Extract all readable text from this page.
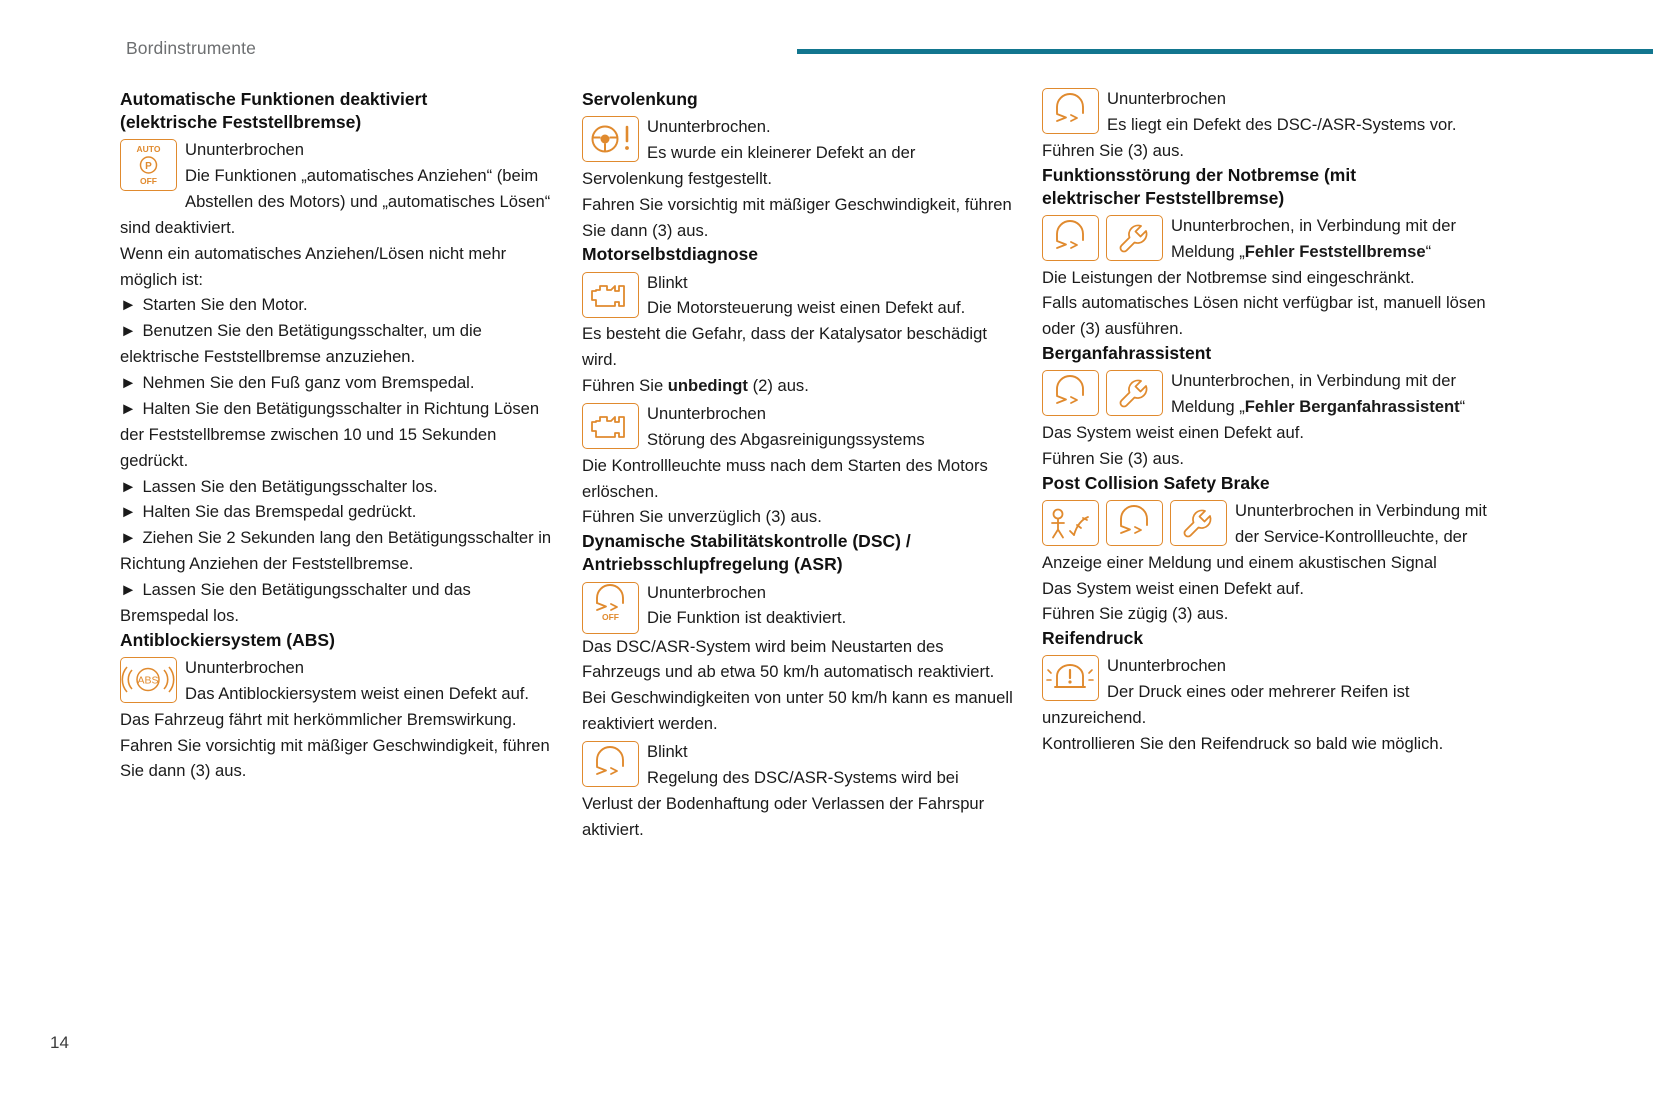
Bordinstrumente
Automatische Funktionen deaktiviert
(elektrische Feststellbremse)
AUTO
P
OFF

Ununterbrochen

Die Funktionen „automatisches Anziehen“ (beim Abstellen des Motors) und „automatisches Lösen“ sind deaktiviert.

Wenn ein automatisches Anziehen/Lösen nicht mehr möglich ist:

► Starten Sie den Motor.

► Benutzen Sie den Betätigungsschalter, um die elektrische Feststellbremse anzuziehen.

► Nehmen Sie den Fuß ganz vom Bremspedal.

► Halten Sie den Betätigungsschalter in Richtung Lösen der Feststellbremse zwischen 10 und 15 Sekunden gedrückt.

► Lassen Sie den Betätigungsschalter los.

► Halten Sie das Bremspedal gedrückt.

► Ziehen Sie 2 Sekunden lang den Betätigungsschalter in Richtung Anziehen der Feststellbremse.

► Lassen Sie den Betätigungsschalter und das Bremspedal los.

Antiblockiersystem (ABS)
ABS

Ununterbrochen

Das Antiblockiersystem weist einen Defekt auf.

Das Fahrzeug fährt mit herkömmlicher Bremswirkung.

Fahren Sie vorsichtig mit mäßiger Geschwindigkeit, führen Sie dann (3) aus.

Servolenkung

Ununterbrochen.

Es wurde ein kleinerer Defekt an der Servolenkung festgestellt.

Fahren Sie vorsichtig mit mäßiger Geschwindigkeit, führen Sie dann (3) aus.

Motorselbstdiagnose

Blinkt

Die Motorsteuerung weist einen Defekt auf.

Es besteht die Gefahr, dass der Katalysator beschädigt wird.

Führen Sie unbedingt (2) aus.

Ununterbrochen

Störung des Abgasreinigungssystems

Die Kontrollleuchte muss nach dem Starten des Motors erlöschen.

Führen Sie unverzüglich (3) aus.

Dynamische Stabilitätskontrolle (DSC) /
Antriebsschlupfregelung (ASR)
OFF

Ununterbrochen

Die Funktion ist deaktiviert.

Das DSC/ASR-System wird beim Neustarten des Fahrzeugs und ab etwa 50 km/h automatisch reaktiviert.

Bei Geschwindigkeiten von unter 50 km/h kann es manuell reaktiviert werden.

Blinkt

Regelung des DSC/ASR-Systems wird bei Verlust der Bodenhaftung oder Verlassen der Fahrspur aktiviert.

Ununterbrochen

Es liegt ein Defekt des DSC-/ASR-Systems vor.

Führen Sie (3) aus.

Funktionsstörung der Notbremse (mit
elektrischer Feststellbremse)

Ununterbrochen, in Verbindung mit der Meldung „Fehler Feststellbremse“

Die Leistungen der Notbremse sind eingeschränkt.

Falls automatisches Lösen nicht verfügbar ist, manuell lösen oder (3) ausführen.

Berganfahrassistent

Ununterbrochen, in Verbindung mit der Meldung „Fehler Berganfahrassistent“

Das System weist einen Defekt auf.

Führen Sie (3) aus.

Post Collision Safety Brake

Ununterbrochen in Verbindung mit der Service-Kontrollleuchte, der Anzeige einer Meldung und einem akustischen Signal

Das System weist einen Defekt auf.

Führen Sie zügig (3) aus.

Reifendruck

Ununterbrochen

Der Druck eines oder mehrerer Reifen ist unzureichend.

Kontrollieren Sie den Reifendruck so bald wie möglich.

14
